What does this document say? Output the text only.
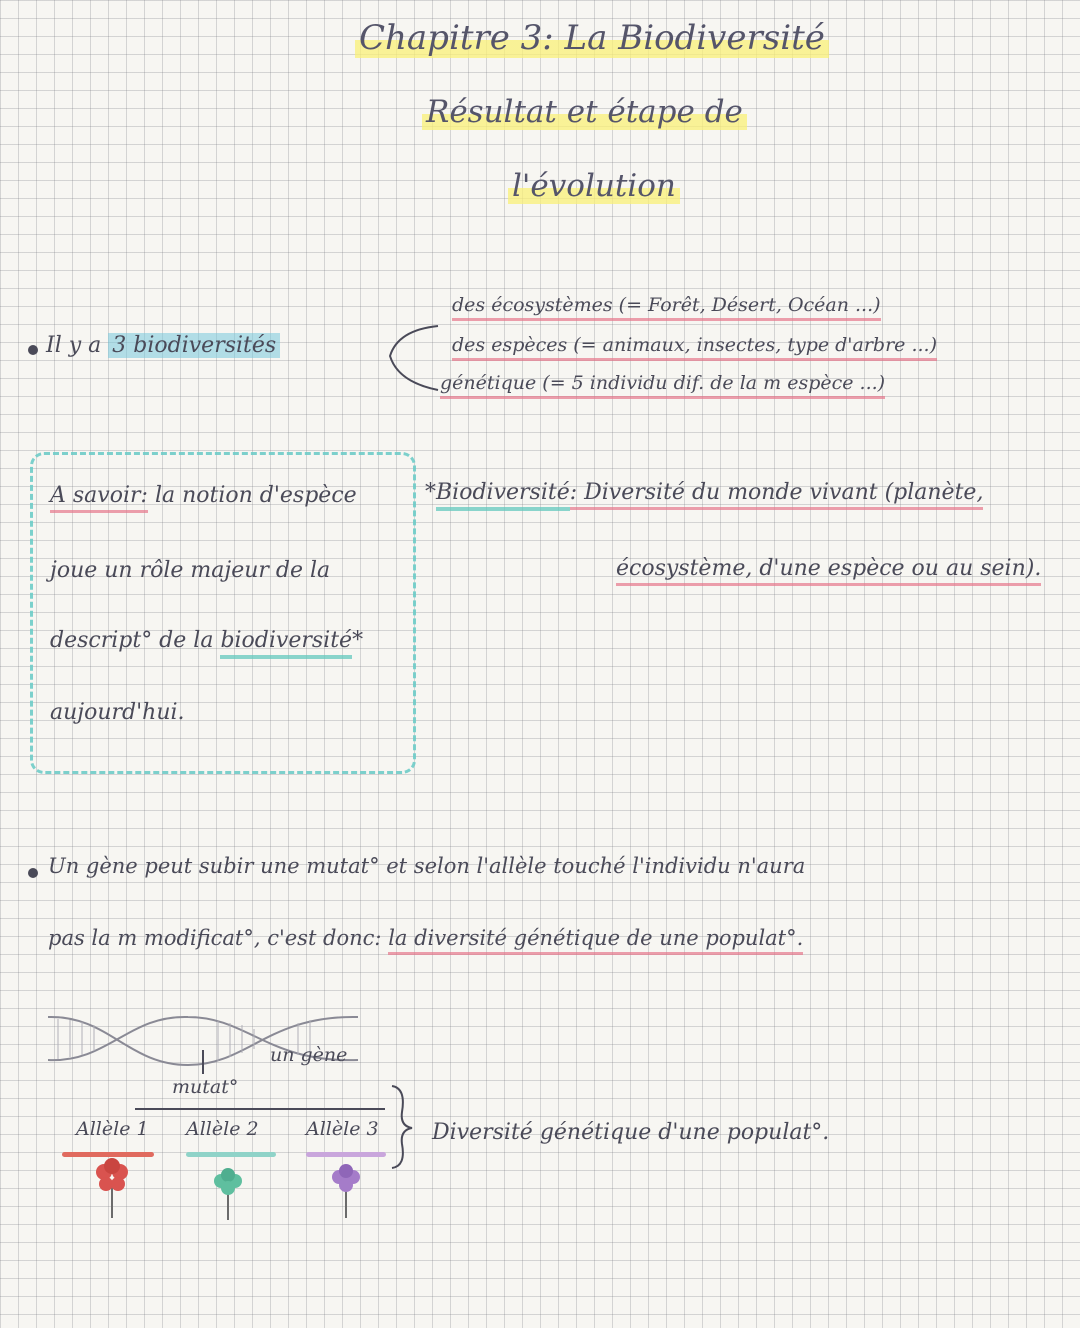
Chapitre 3: La Biodiversité
Résultat et étape de
l'évolution
Il y a 3 biodiversités
des écosystèmes (= Forêt, Désert, Océan ...)
des espèces (= animaux, insectes, type d'arbre ...)
génétique (= 5 individu dif. de la m espèce ...)
A savoir: la notion d'espèce
joue un rôle majeur de la
descript° de la biodiversité*
aujourd'hui.
*Biodiversité: Diversité du monde vivant (planète,
écosystème, d'une espèce ou au sein).
Un gène peut subir une mutat° et selon l'allèle touché l'individu n'aura
pas la m modificat°, c'est donc: la diversité génétique de une populat°.
un gène
mutat°
Allèle 1 Allèle 2 Allèle 3 Diversité génétique d'une populat°.
